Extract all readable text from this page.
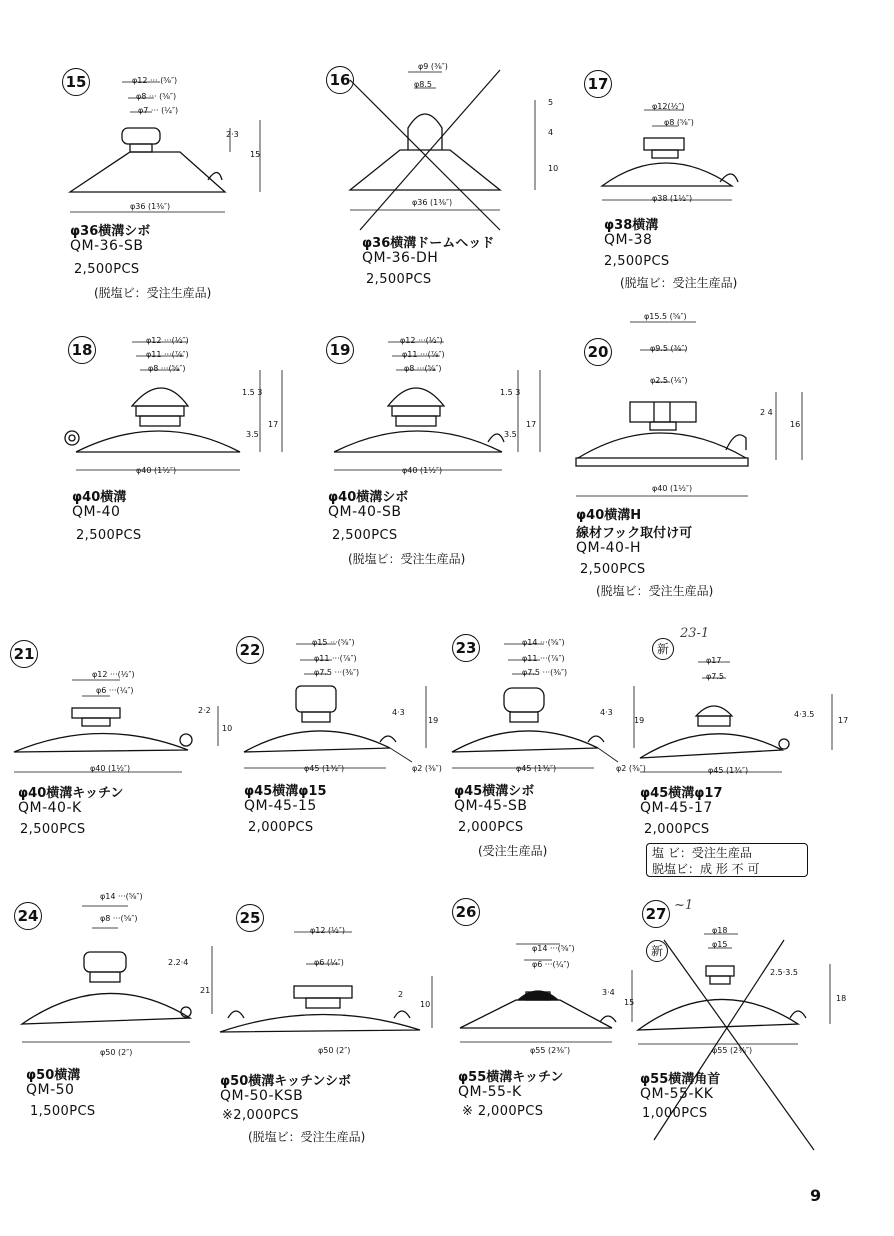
15	φ12 ··· (⅝″)
φ8 ··· (⅝″)
φ7 ··· (¼″)
2·3
15
φ36 (1⅜″)
φ36横溝シボ
QM-36-SB
2,500PCS
(脱塩ビ：受注生産品)
16
φ9 (⅜″)
φ8.5
5
4
10
φ36 (1⅜″)
φ36横溝ドームヘッド
QM-36-DH
2,500PCS
17
φ12(½″)
φ8 (⅝″)
φ38 (1½″)
φ38横溝
QM-38
2,500PCS
(脱塩ビ：受注生産品)
18
φ12 ···(½″)
φ11 ···(⅞″)
φ8 ···(⅝″)
1.5 3
17
3.5
φ40 (1½″)
φ40横溝
QM-40
2,500PCS
19
φ12 ···(½″)
φ11 ···(⅞″)
φ8 ···(⅝″)
1.5 3
17
3.5
φ40 (1½″)
φ40横溝シボ
QM-40-SB
2,500PCS
(脱塩ビ：受注生産品)
20
φ15.5 (⅝″)
φ9.5 (⅜″)
φ2.5 (⅛″)
2 4
16
φ40 (1½″)
φ40横溝H
線材フック取付け可
QM-40-H
2,500PCS
(脱塩ビ：受注生産品)
21
φ12 ···(½″)
φ6 ···(¼″)
2·2
10
φ40 (1½″)
φ40横溝キッチン
QM-40-K
2,500PCS
22	φ15 ···(⅝″)
φ11 ···(⅞″)
φ7.5 ···(⅜″)
4·3
19
φ2 (⅜″)
φ45 (1¾″)
φ45横溝φ15
QM-45-15
2,000PCS
23	φ14 ···(⅝″)
φ11 ···(⅞″)
φ7.5 ···(⅜″)
4·3
19
φ2 (⅜″)
φ45 (1¾″)
φ45横溝シボ
QM-45-SB
2,000PCS
(受注生産品)
新
23-1
φ17
φ7.5
4·3.5
17
φ45 (1¾″)
φ45横溝φ17
QM-45-17
2,000PCS
塩 ビ：受注生産品
脱塩ビ：成 形 不 可
24
φ14 ···(⅝″)
φ8 ···(⅝″)
2.2·4
21
φ50 (2″)
φ50横溝
QM-50
1,500PCS
25
φ12 (½″)
φ6 (¼″)
2
10
φ50 (2″)
φ50横溝キッチンシボ
QM-50-KSB
※2,000PCS
(脱塩ビ：受注生産品)
26
φ14 ···(⅝″)
φ6 ···(¼″)
3·4
15
φ55 (2⅜″)
φ55横溝キッチン
QM-55-K
※ 2,000PCS
27 ~1
新
φ18
φ15
2.5·3.5
18
φ55 (2⅜″)
φ55横溝角首
QM-55-KK
1,000PCS
9
